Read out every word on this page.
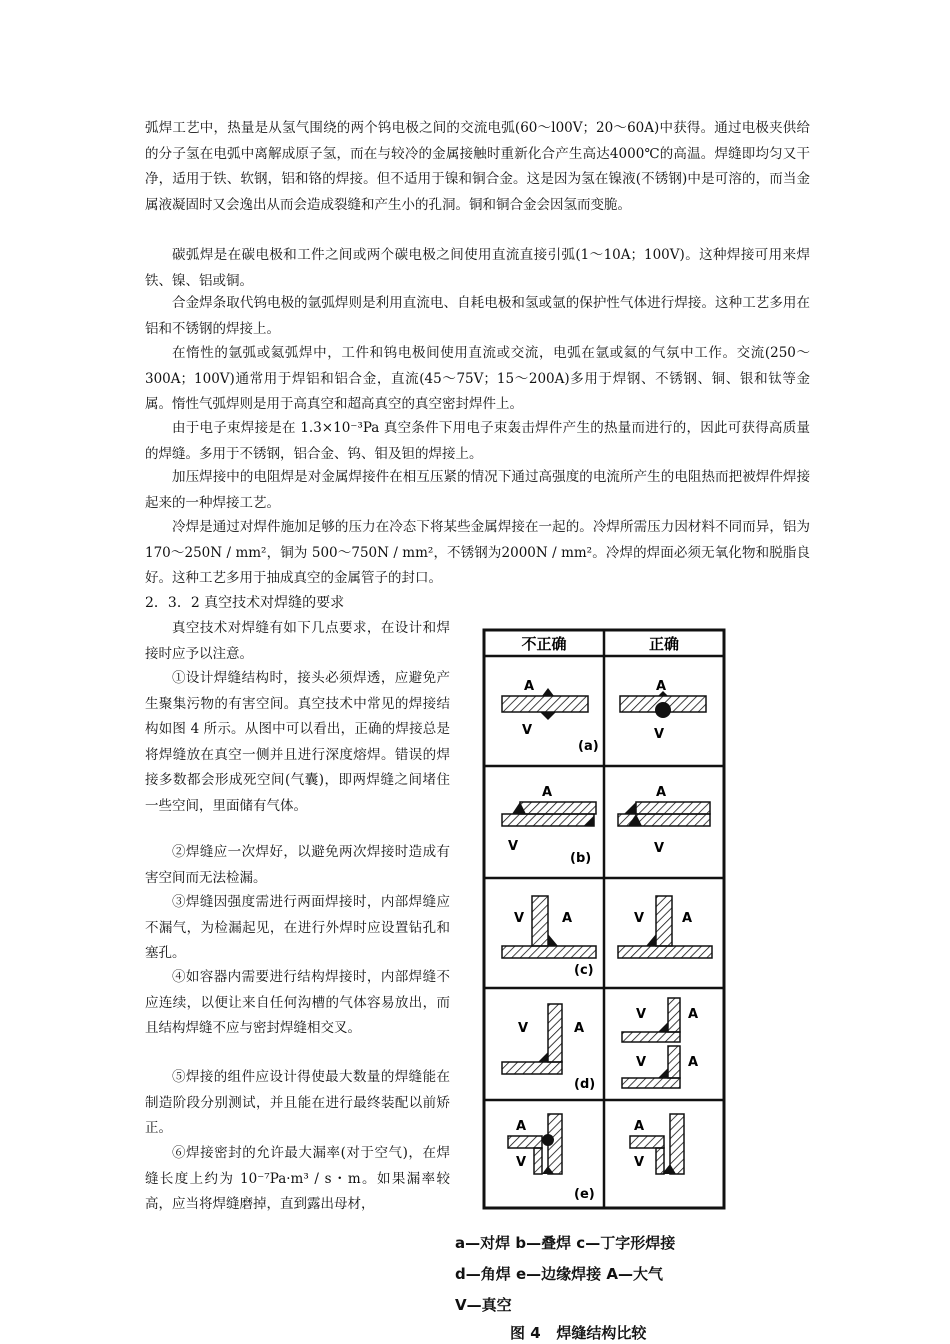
弧焊工艺中，热量是从氢气围绕的两个钨电极之间的交流电弧(60～l00V；20～60A)中获得。通过电极夹供给的分子氢在电弧中离解成原子氢，而在与较冷的金属接触时重新化合产生高达4000℃的高温。焊缝即均匀又干净，适用于铁、软钢，铝和铬的焊接。但不适用于镍和铜合金。这是因为氢在镍液(不锈钢)中是可溶的，而当金属液凝固时又会逸出从而会造成裂缝和产生小的孔洞。铜和铜合金会因氢而变脆。

碳弧焊是在碳电极和工件之间或两个碳电极之间使用直流直接引弧(1～10A；100V)。这种焊接可用来焊铁、镍、铝或铜。

合金焊条取代钨电极的氩弧焊则是利用直流电、自耗电极和氢或氩的保护性气体进行焊接。这种工艺多用在铝和不锈钢的焊接上。

在惰性的氩弧或氦弧焊中，工件和钨电极间使用直流或交流，电弧在氩或氦的气氛中工作。交流(250～300A；100V)通常用于焊铝和铝合金，直流(45～75V；15～200A)多用于焊钢、不锈钢、铜、银和钛等金属。惰性气弧焊则是用于高真空和超高真空的真空密封焊件上。

由于电子束焊接是在 1.3×10⁻³Pa 真空条件下用电子束轰击焊件产生的热量而进行的，因此可获得高质量的焊缝。多用于不锈钢，铝合金、钨、钼及钽的焊接上。

加压焊接中的电阻焊是对金属焊接件在相互压紧的情况下通过高强度的电流所产生的电阻热而把被焊件焊接起来的一种焊接工艺。

冷焊是通过对焊件施加足够的压力在冷态下将某些金属焊接在一起的。冷焊所需压力因材料不同而异，铝为 170～250N / mm²，铜为 500～750N / mm²，不锈钢为2000N / mm²。冷焊的焊面必须无氧化物和脱脂良好。这种工艺多用于抽成真空的金属管子的封口。

2．3．2 真空技术对焊缝的要求

真空技术对焊缝有如下几点要求，在设计和焊接时应予以注意。

①设计焊缝结构时，接头必须焊透，应避免产生聚集污物的有害空间。真空技术中常见的焊接结构如图 4 所示。从图中可以看出，正确的焊接总是将焊缝放在真空一侧并且进行深度熔焊。错误的焊接多数都会形成死空间(气囊)，即两焊缝之间堵住一些空间，里面储有气体。

②焊缝应一次焊好，以避免两次焊接时造成有害空间而无法检漏。

③焊缝因强度需进行两面焊接时，内部焊缝应不漏气，为检漏起见，在进行外焊时应设置钻孔和塞孔。

④如容器内需要进行结构焊接时，内部焊缝不应连续，以便让来自任何沟槽的气体容易放出，而且结构焊缝不应与密封焊缝相交叉。

⑤焊接的组件应设计得使最大数量的焊缝能在制造阶段分别测试，并且能在进行最终装配以前矫正。

⑥焊接密封的允许最大漏率(对于空气)，在焊缝长度上约为 10⁻⁷Pa·m³ / s・m。如果漏率较高，应当将焊缝磨掉，直到露出母材，

不正确	正确
A
V
A
V
(a)
A
V
A
V
(b)
V	A	V	A
(c)
V	A
V	A
V	A
(d)
A
V
A
V
(e)
a—对焊 b—叠焊 c—丁字形焊接
d—角焊 e—边缘焊接 A—大气
V—真空
图 4   焊缝结构比较
